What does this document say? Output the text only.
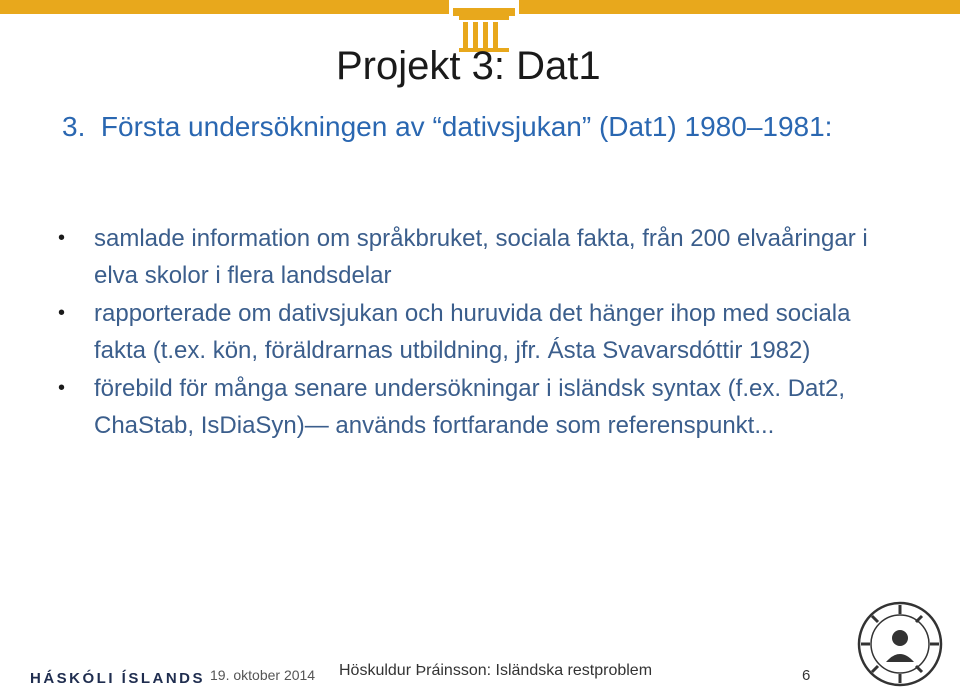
Projekt 3: Dat1
3. Första undersökningen av “dativsjukan” (Dat1) 1980–1981:
• samlade information om språkbruket, sociala fakta, från 200 elvaåringar i elva skolor i flera landsdelar
• rapporterade om dativsjukan och huruvida det hänger ihop med sociala fakta (t.ex. kön, föräldrarnas utbildning, jfr. Ásta Svavarsdóttir 1982)
• förebild för många senare undersökningar i isländsk syntax (f.ex. Dat2, ChaStab, IsDiaSyn)— används fortfarande som referenspunkt...
HÁSKÓLI ÍSLANDS 19. oktober 2014 Höskuldur Þráinsson: Isländska restproblem	6
